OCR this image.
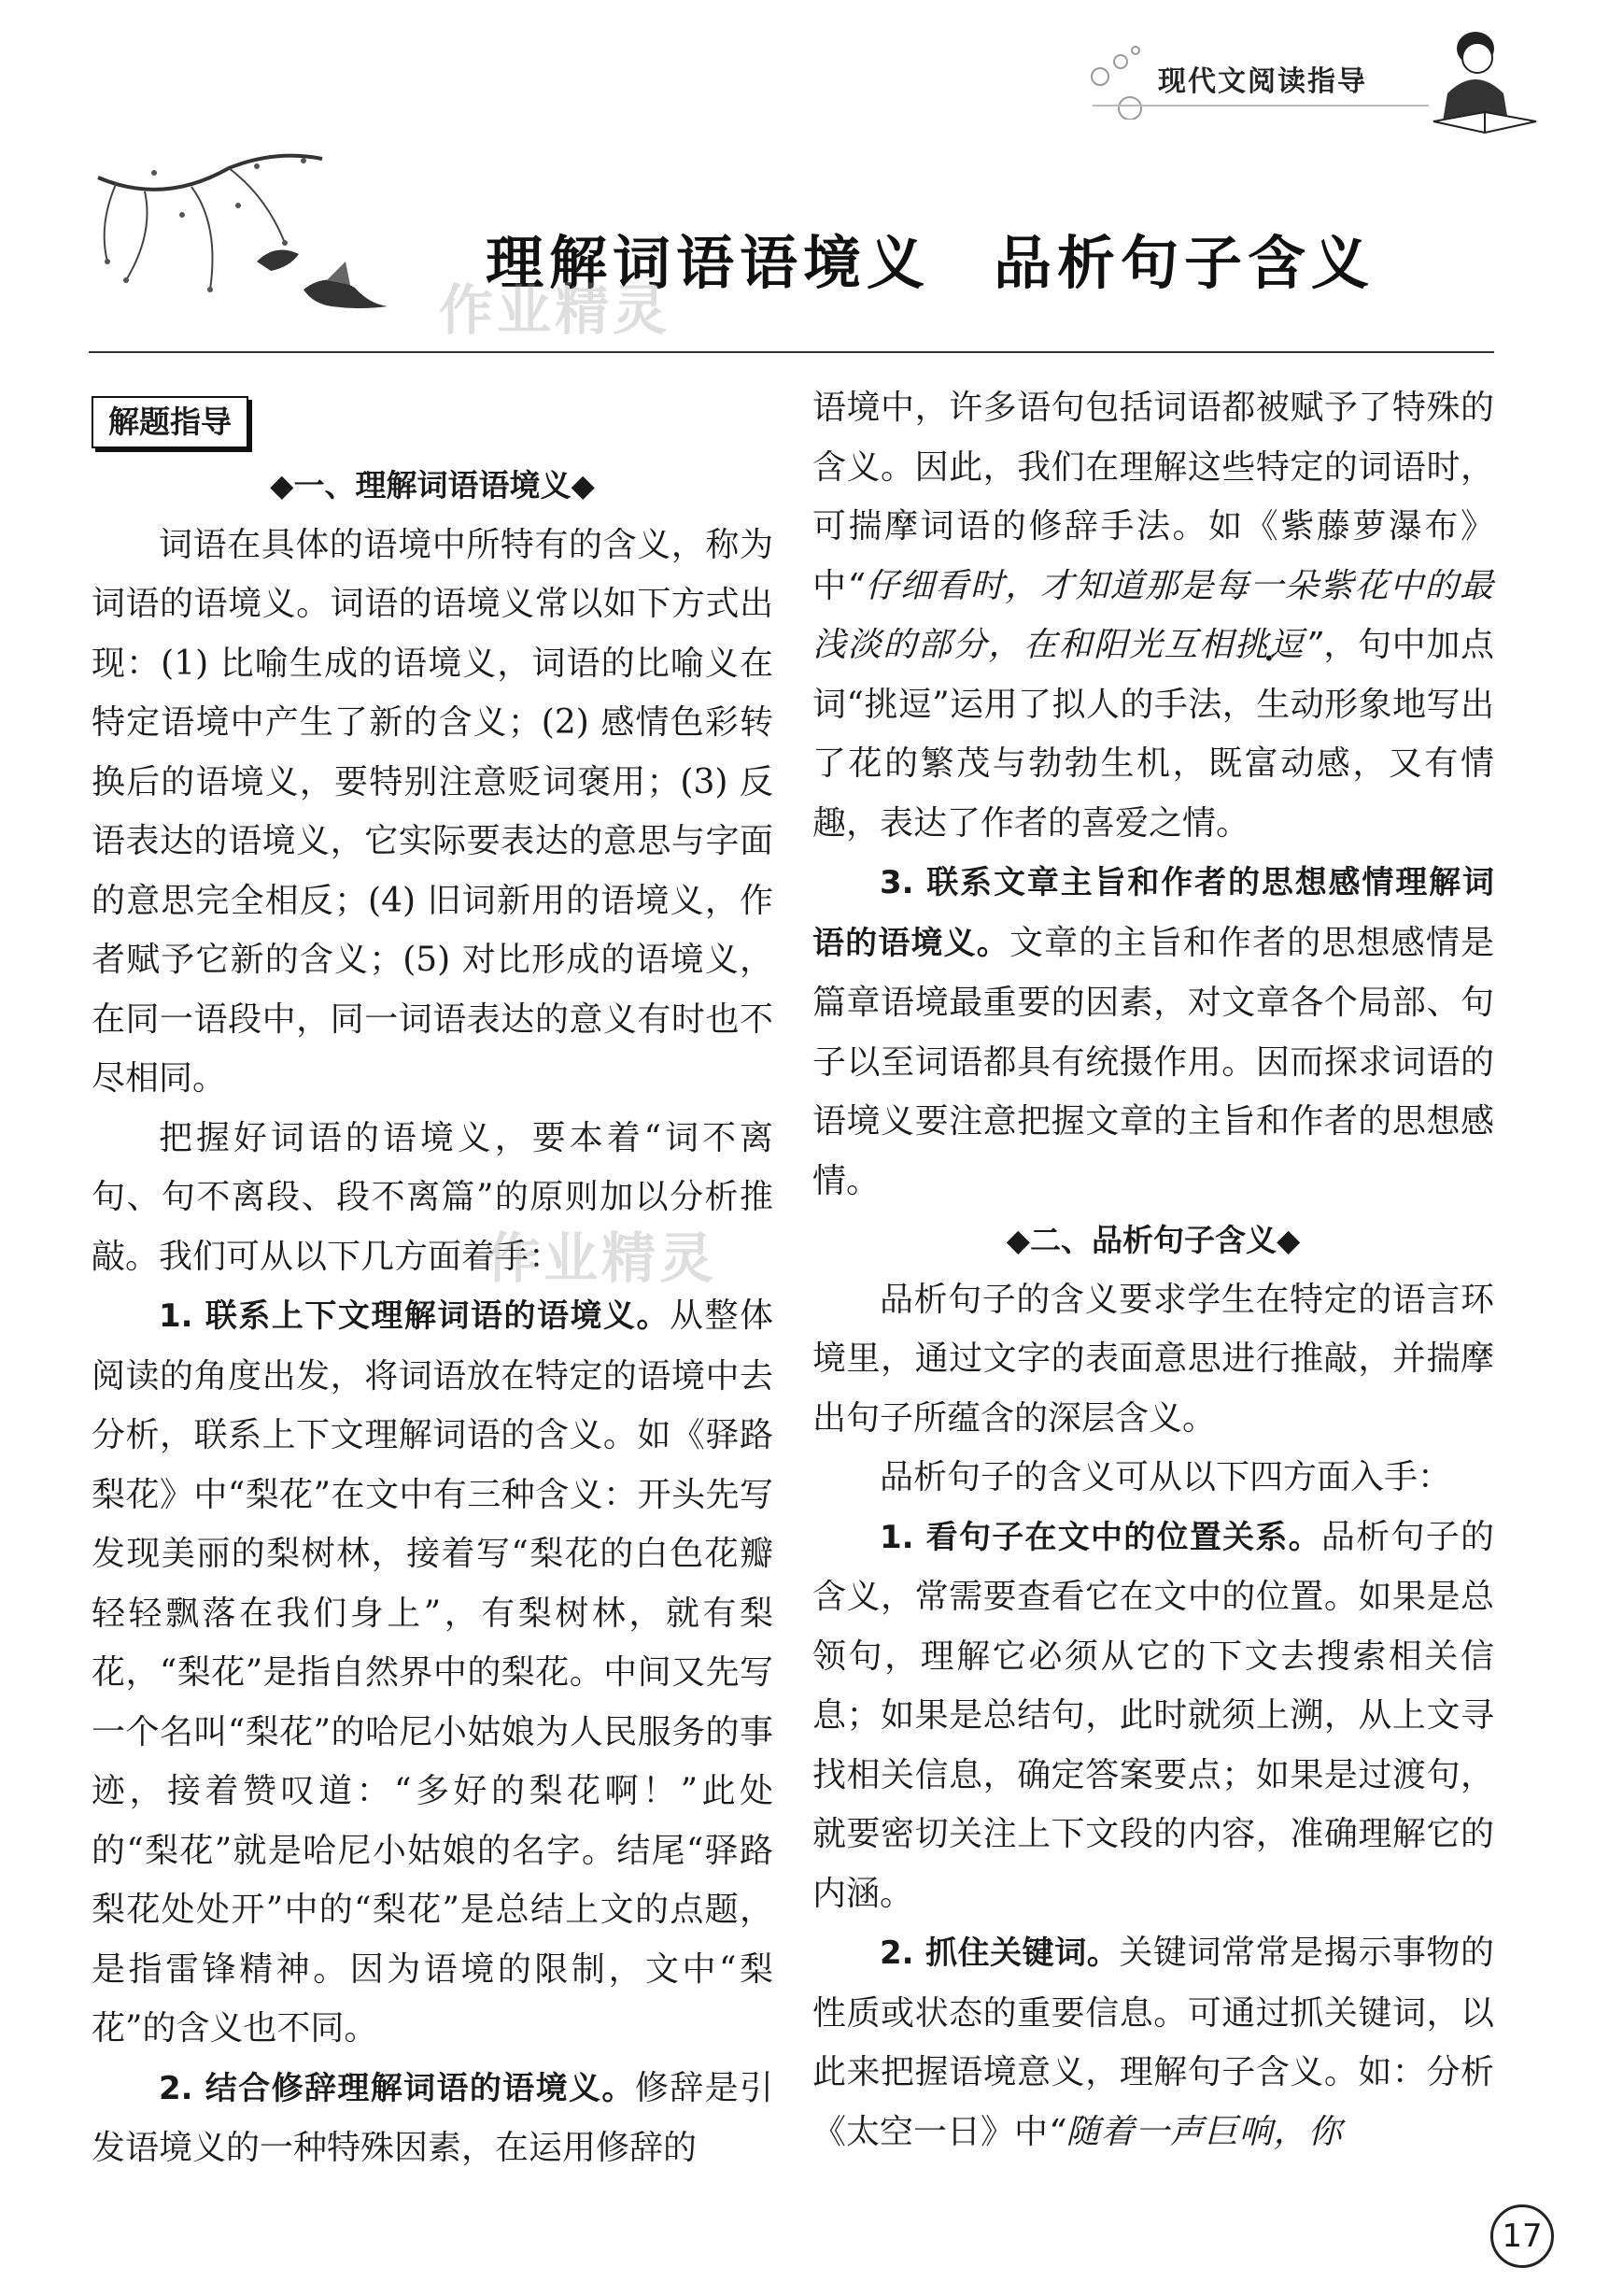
现代文阅读指导
理解词语语境义　品析句子含义
解题指导

◆一、理解词语语境义◆

词语在具体的语境中所特有的含义，称为词语的语境义。词语的语境义常以如下方式出现：(1) 比喻生成的语境义，词语的比喻义在特定语境中产生了新的含义；(2) 感情色彩转换后的语境义，要特别注意贬词褒用；(3) 反语表达的语境义，它实际要表达的意思与字面的意思完全相反；(4) 旧词新用的语境义，作者赋予它新的含义；(5) 对比形成的语境义，在同一语段中，同一词语表达的意义有时也不尽相同。

把握好词语的语境义，要本着“词不离句、句不离段、段不离篇”的原则加以分析推敲。我们可从以下几方面着手：

1. 联系上下文理解词语的语境义。从整体阅读的角度出发，将词语放在特定的语境中去分析，联系上下文理解词语的含义。如《驿路梨花》中“梨花”在文中有三种含义：开头先写发现美丽的梨树林，接着写“梨花的白色花瓣轻轻飘落在我们身上”，有梨树林，就有梨花，“梨花”是指自然界中的梨花。中间又先写一个名叫“梨花”的哈尼小姑娘为人民服务的事迹，接着赞叹道：“多好的梨花啊！”此处的“梨花”就是哈尼小姑娘的名字。结尾“驿路梨花处处开”中的“梨花”是总结上文的点题，是指雷锋精神。因为语境的限制，文中“梨花”的含义也不同。

2. 结合修辞理解词语的语境义。修辞是引发语境义的一种特殊因素，在运用修辞的

语境中，许多语句包括词语都被赋予了特殊的含义。因此，我们在理解这些特定的词语时，可揣摩词语的修辞手法。如《紫藤萝瀑布》中“仔细看时，才知道那是每一朵紫花中的最浅淡的部分，在和阳光互相挑逗”，句中加点词“挑逗”运用了拟人的手法，生动形象地写出了花的繁茂与勃勃生机，既富动感，又有情趣，表达了作者的喜爱之情。

3. 联系文章主旨和作者的思想感情理解词语的语境义。文章的主旨和作者的思想感情是篇章语境最重要的因素，对文章各个局部、句子以至词语都具有统摄作用。因而探求词语的语境义要注意把握文章的主旨和作者的思想感情。

◆二、品析句子含义◆

品析句子的含义要求学生在特定的语言环境里，通过文字的表面意思进行推敲，并揣摩出句子所蕴含的深层含义。

品析句子的含义可从以下四方面入手：

1. 看句子在文中的位置关系。品析句子的含义，常需要查看它在文中的位置。如果是总领句，理解它必须从它的下文去搜索相关信息；如果是总结句，此时就须上溯，从上文寻找相关信息，确定答案要点；如果是过渡句，就要密切关注上下文段的内容，准确理解它的内涵。

2. 抓住关键词。关键词常常是揭示事物的性质或状态的重要信息。可通过抓关键词，以此来把握语境意义，理解句子含义。如：分析《太空一日》中“随着一声巨响，你

作业精灵
作业精灵
17
